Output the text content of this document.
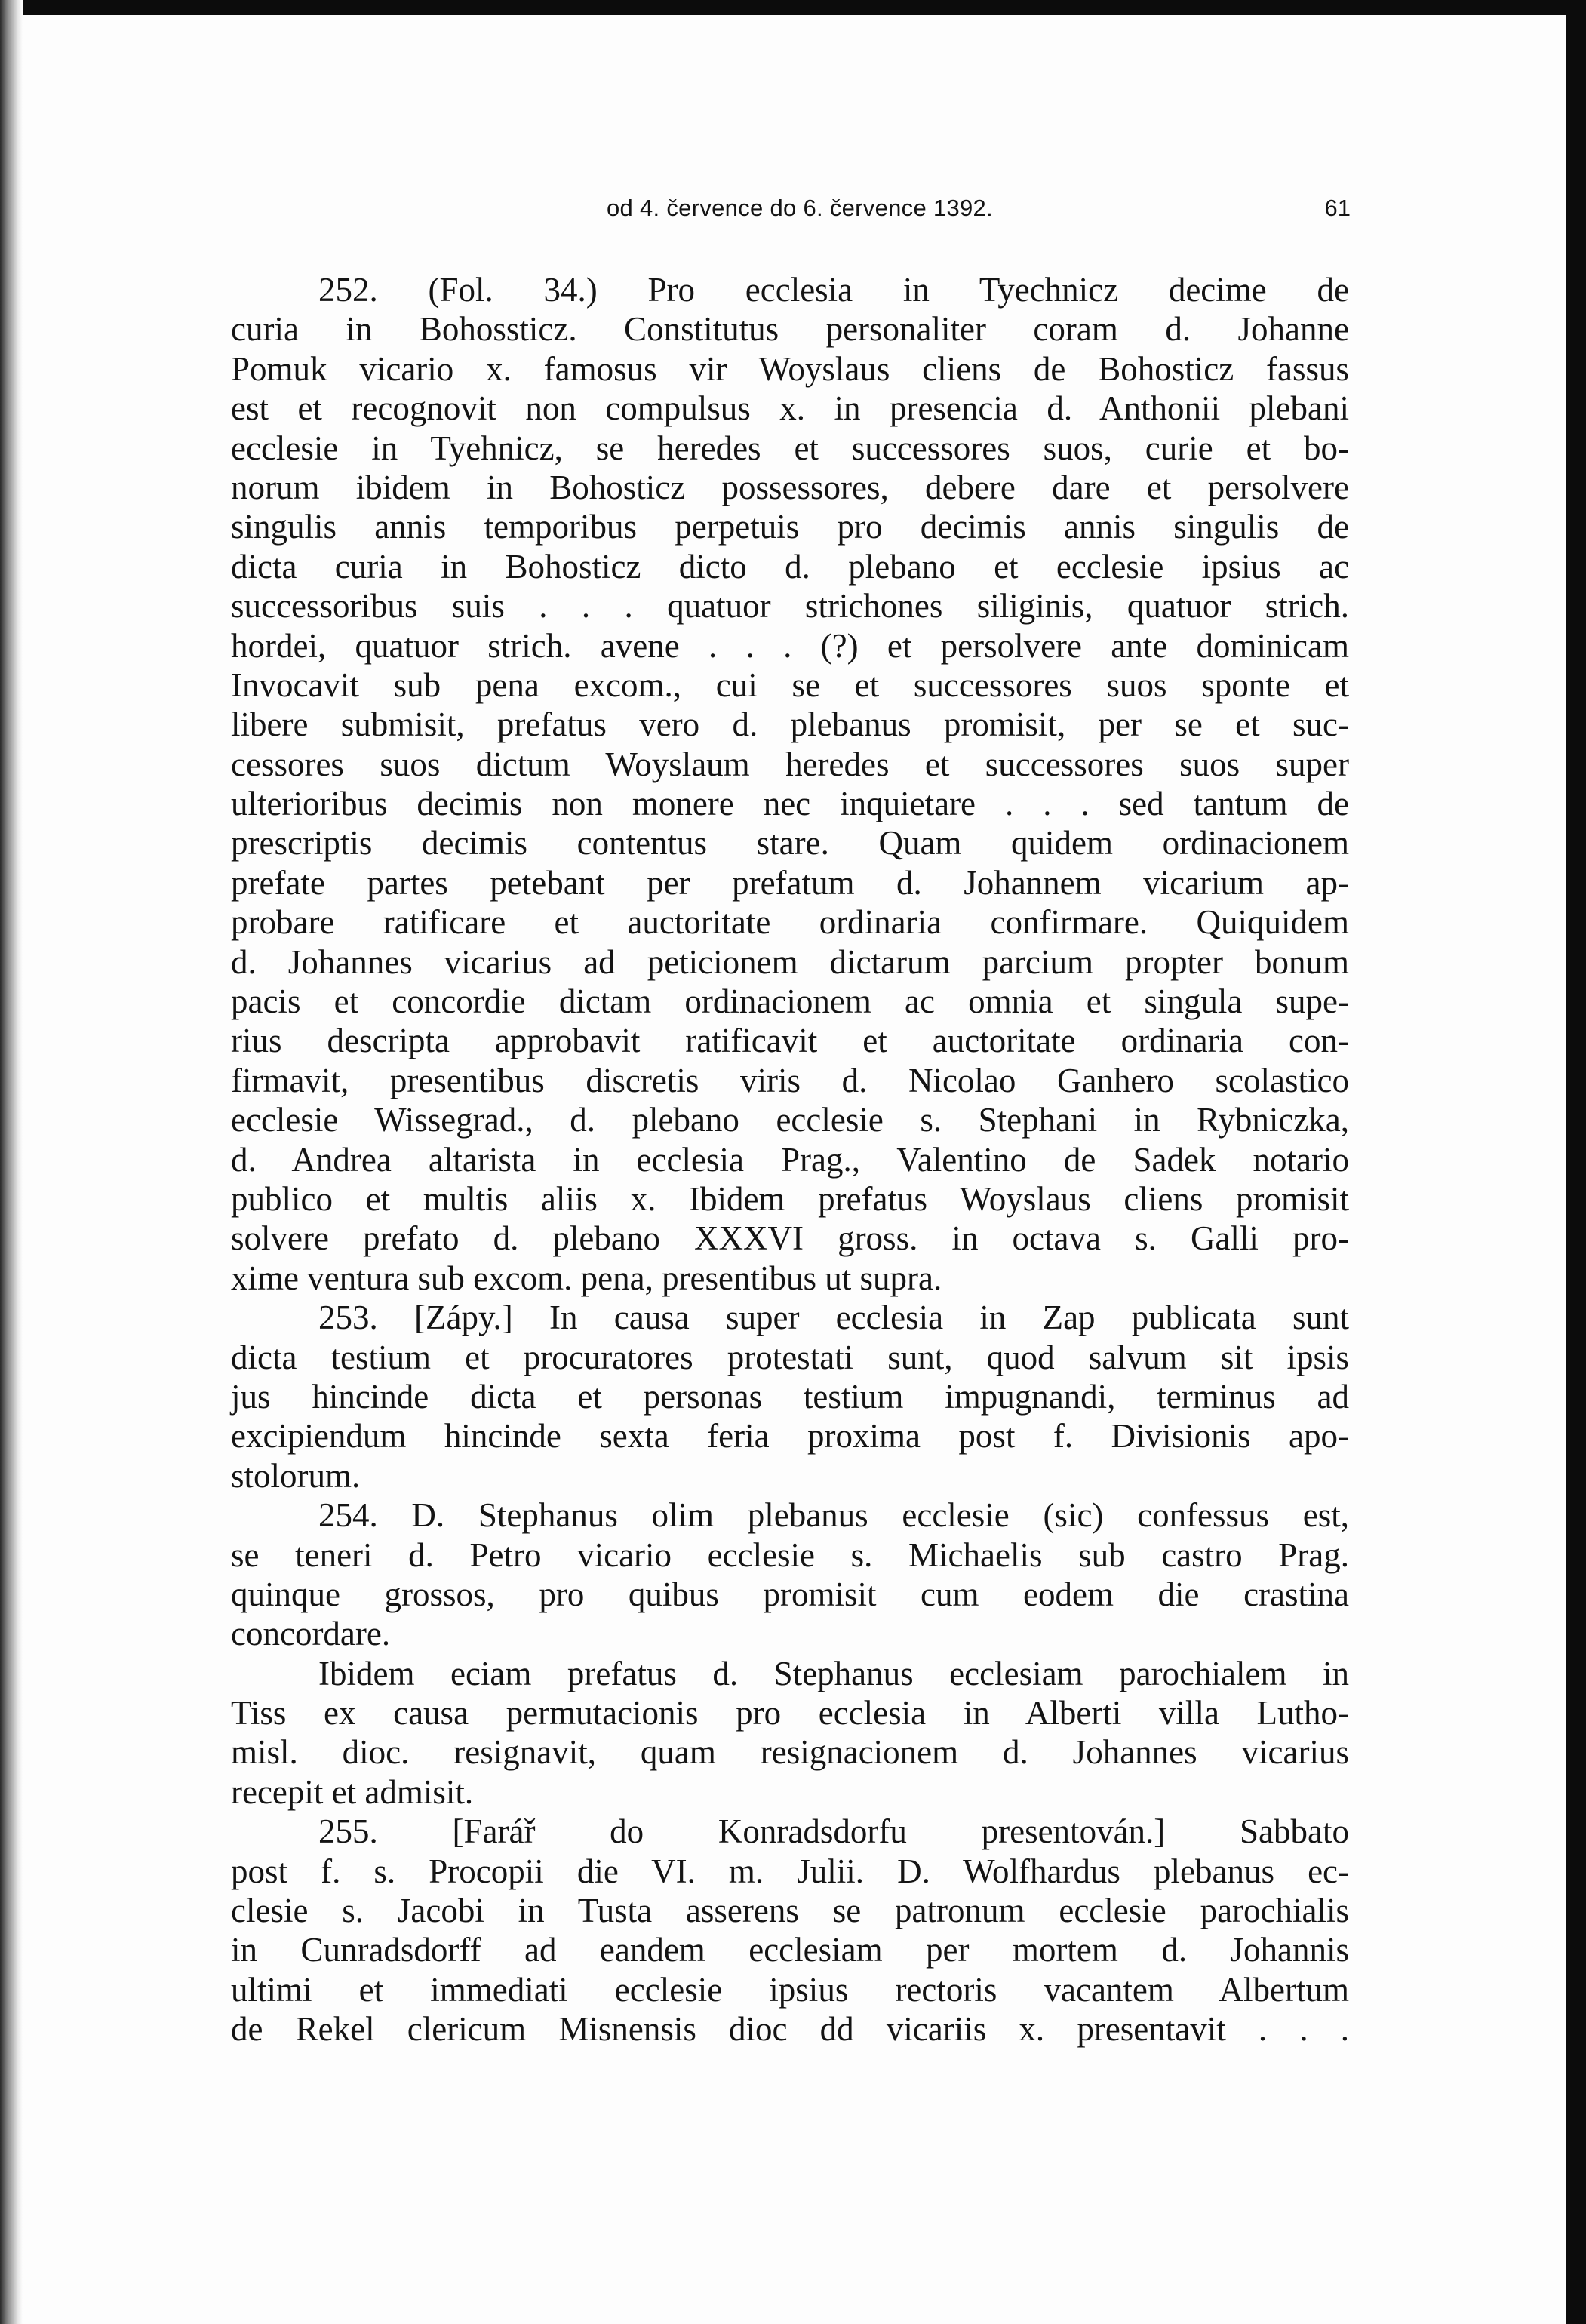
od 4. července do 6. července 1392.	61
252. (Fol. 34.) Pro ecclesia in Tyechnicz decime de
curia in Bohossticz. Constitutus personaliter coram d. Johanne
Pomuk vicario x. famosus vir Woyslaus cliens de Bohosticz fassus
est et recognovit non compulsus x. in presencia d. Anthonii plebani
ecclesie in Tyehnicz, se heredes et successores suos, curie et bo-
norum ibidem in Bohosticz possessores, debere dare et persolvere
singulis annis temporibus perpetuis pro decimis annis singulis de
dicta curia in Bohosticz dicto d. plebano et ecclesie ipsius ac
successoribus suis . . . quatuor strichones siliginis, quatuor strich.
hordei, quatuor strich. avene . . . (?) et persolvere ante dominicam
Invocavit sub pena excom., cui se et successores suos sponte et
libere submisit, prefatus vero d. plebanus promisit, per se et suc-
cessores suos dictum Woyslaum heredes et successores suos super
ulterioribus decimis non monere nec inquietare . . . sed tantum de
prescriptis decimis contentus stare. Quam quidem ordinacionem
prefate partes petebant per prefatum d. Johannem vicarium ap-
probare ratificare et auctoritate ordinaria confirmare. Quiquidem
d. Johannes vicarius ad peticionem dictarum parcium propter bonum
pacis et concordie dictam ordinacionem ac omnia et singula supe-
rius descripta approbavit ratificavit et auctoritate ordinaria con-
firmavit, presentibus discretis viris d. Nicolao Ganhero scolastico
ecclesie Wissegrad., d. plebano ecclesie s. Stephani in Rybniczka,
d. Andrea altarista in ecclesia Prag., Valentino de Sadek notario
publico et multis aliis x. Ibidem prefatus Woyslaus cliens promisit
solvere prefato d. plebano XXXVI gross. in octava s. Galli pro-
xime ventura sub excom. pena, presentibus ut supra.
253. [Zápy.] In causa super ecclesia in Zap publicata sunt
dicta testium et procuratores protestati sunt, quod salvum sit ipsis
jus hincinde dicta et personas testium impugnandi, terminus ad
excipiendum hincinde sexta feria proxima post f. Divisionis apo-
stolorum.
254. D. Stephanus olim plebanus ecclesie (sic) confessus est,
se teneri d. Petro vicario ecclesie s. Michaelis sub castro Prag.
quinque grossos, pro quibus promisit cum eodem die crastina
concordare.
Ibidem eciam prefatus d. Stephanus ecclesiam parochialem in
Tiss ex causa permutacionis pro ecclesia in Alberti villa Luthо-
misl. dioc. resignavit, quam resignacionem d. Johannes vicarius
recepit et admisit.
255. [Farář do Konradsdorfu presentován.] Sabbato
post f. s. Procopii die VI. m. Julii. D. Wolfhardus plebanus ec-
clesie s. Jacobi in Tusta asserens se patronum ecclesie parochialis
in Cunradsdorff ad eandem ecclesiam per mortem d. Johannis
ultimi et immediati ecclesie ipsius rectoris vacantem Albertum
de Rekel clericum Misnensis dioc dd vicariis x. presentavit . . .
